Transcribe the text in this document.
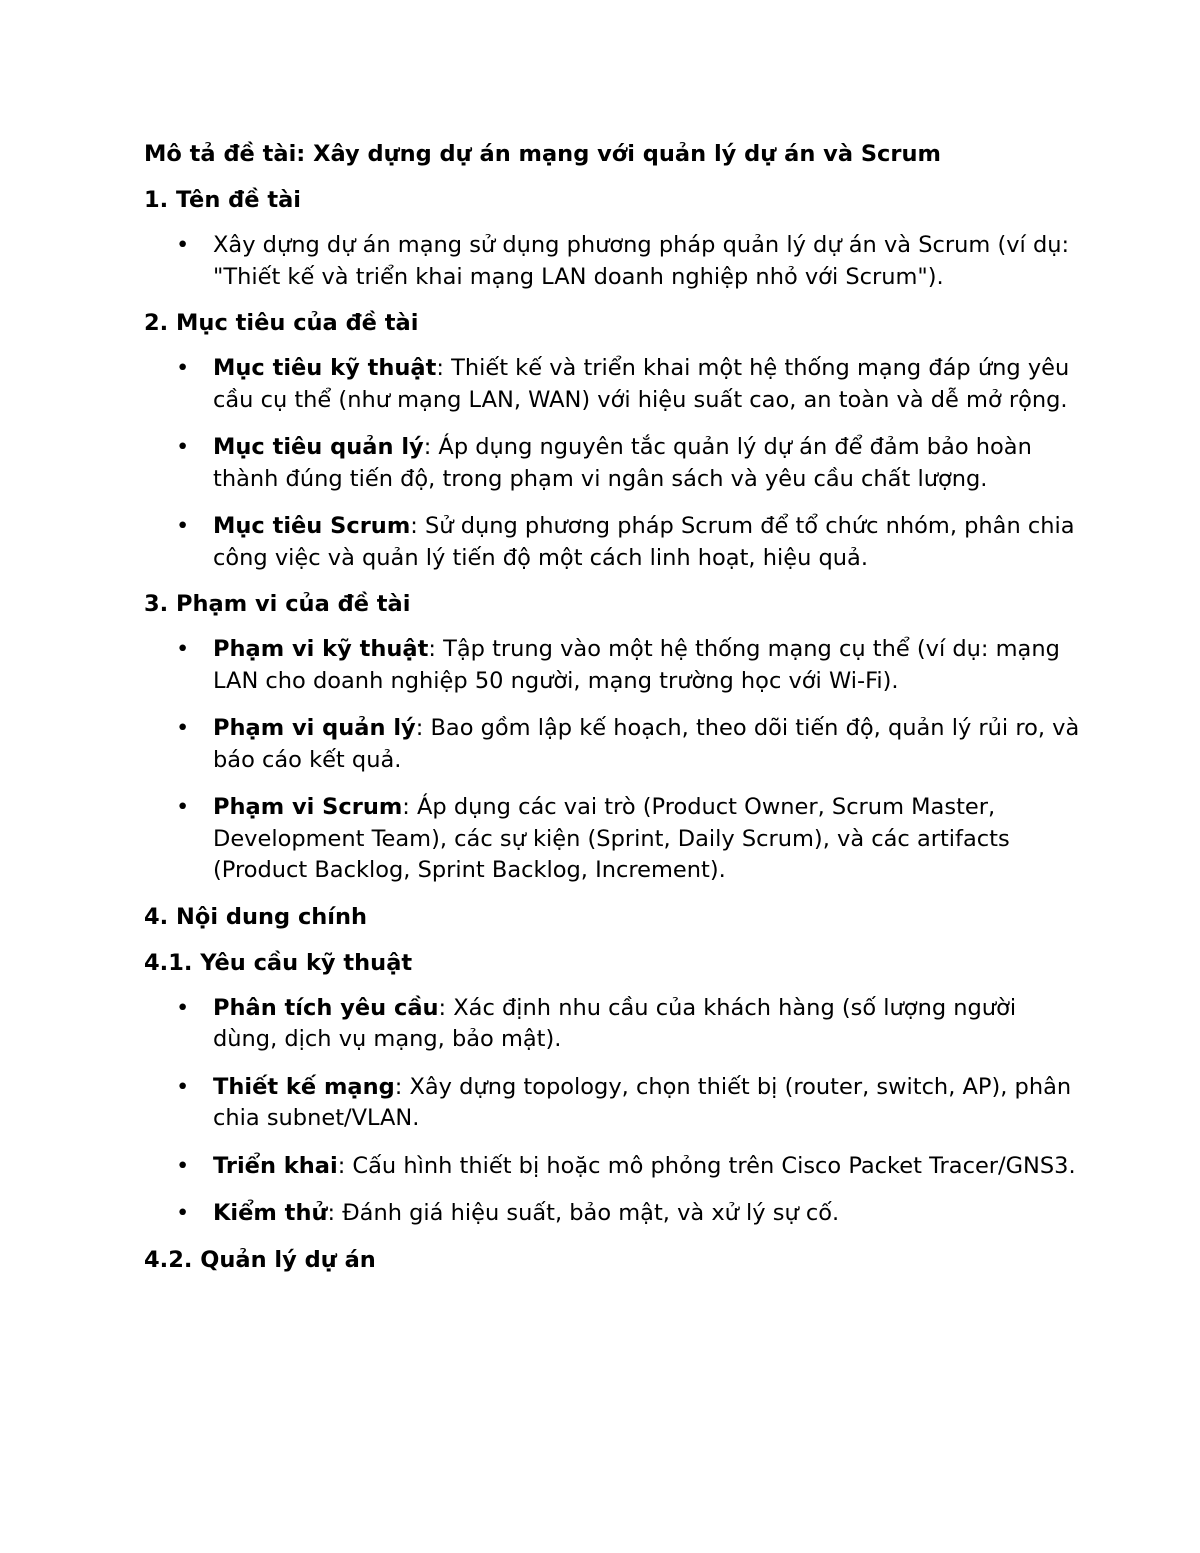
Mô tả đề tài: Xây dựng dự án mạng với quản lý dự án và Scrum
1. Tên đề tài
• Xây dựng dự án mạng sử dụng phương pháp quản lý dự án và Scrum (ví dụ: "Thiết kế và triển khai mạng LAN doanh nghiệp nhỏ với Scrum").
2. Mục tiêu của đề tài
• Mục tiêu kỹ thuật: Thiết kế và triển khai một hệ thống mạng đáp ứng yêu cầu cụ thể (như mạng LAN, WAN) với hiệu suất cao, an toàn và dễ mở rộng.
• Mục tiêu quản lý: Áp dụng nguyên tắc quản lý dự án để đảm bảo hoàn thành đúng tiến độ, trong phạm vi ngân sách và yêu cầu chất lượng.
• Mục tiêu Scrum: Sử dụng phương pháp Scrum để tổ chức nhóm, phân chia công việc và quản lý tiến độ một cách linh hoạt, hiệu quả.
3. Phạm vi của đề tài
• Phạm vi kỹ thuật: Tập trung vào một hệ thống mạng cụ thể (ví dụ: mạng LAN cho doanh nghiệp 50 người, mạng trường học với Wi-Fi).
• Phạm vi quản lý: Bao gồm lập kế hoạch, theo dõi tiến độ, quản lý rủi ro, và báo cáo kết quả.
• Phạm vi Scrum: Áp dụng các vai trò (Product Owner, Scrum Master, Development Team), các sự kiện (Sprint, Daily Scrum), và các artifacts (Product Backlog, Sprint Backlog, Increment).
4. Nội dung chính
4.1. Yêu cầu kỹ thuật
• Phân tích yêu cầu: Xác định nhu cầu của khách hàng (số lượng người dùng, dịch vụ mạng, bảo mật).
• Thiết kế mạng: Xây dựng topology, chọn thiết bị (router, switch, AP), phân chia subnet/VLAN.
• Triển khai: Cấu hình thiết bị hoặc mô phỏng trên Cisco Packet Tracer/GNS3.
• Kiểm thử: Đánh giá hiệu suất, bảo mật, và xử lý sự cố.
4.2. Quản lý dự án
